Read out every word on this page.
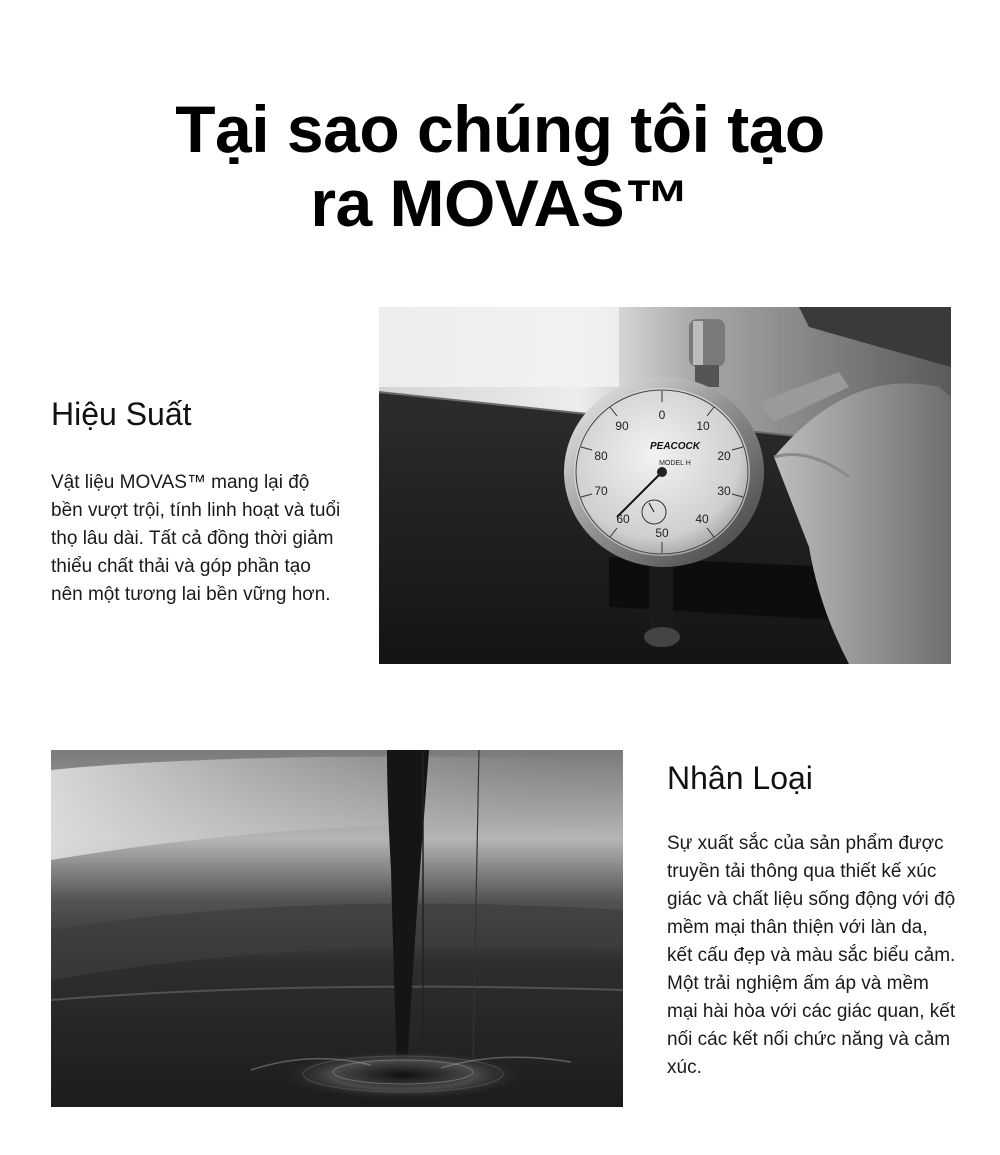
Tại sao chúng tôi tạo
ra MOVAS™
Hiệu Suất

Vật liệu MOVAS™ mang lại độ bền vượt trội, tính linh hoạt và tuổi thọ lâu dài. Tất cả đồng thời giảm thiểu chất thải và góp phần tạo nên một tương lai bền vững hơn.

0
10
20
30
40
50
60
70
80
90
PEACOCK
MODEL H
Nhân Loại

Sự xuất sắc của sản phẩm được truyền tải thông qua thiết kế xúc giác và chất liệu sống động với độ mềm mại thân thiện với làn da, kết cấu đẹp và màu sắc biểu cảm. Một trải nghiệm ấm áp và mềm mại hài hòa với các giác quan, kết nối các kết nối chức năng và cảm xúc.
